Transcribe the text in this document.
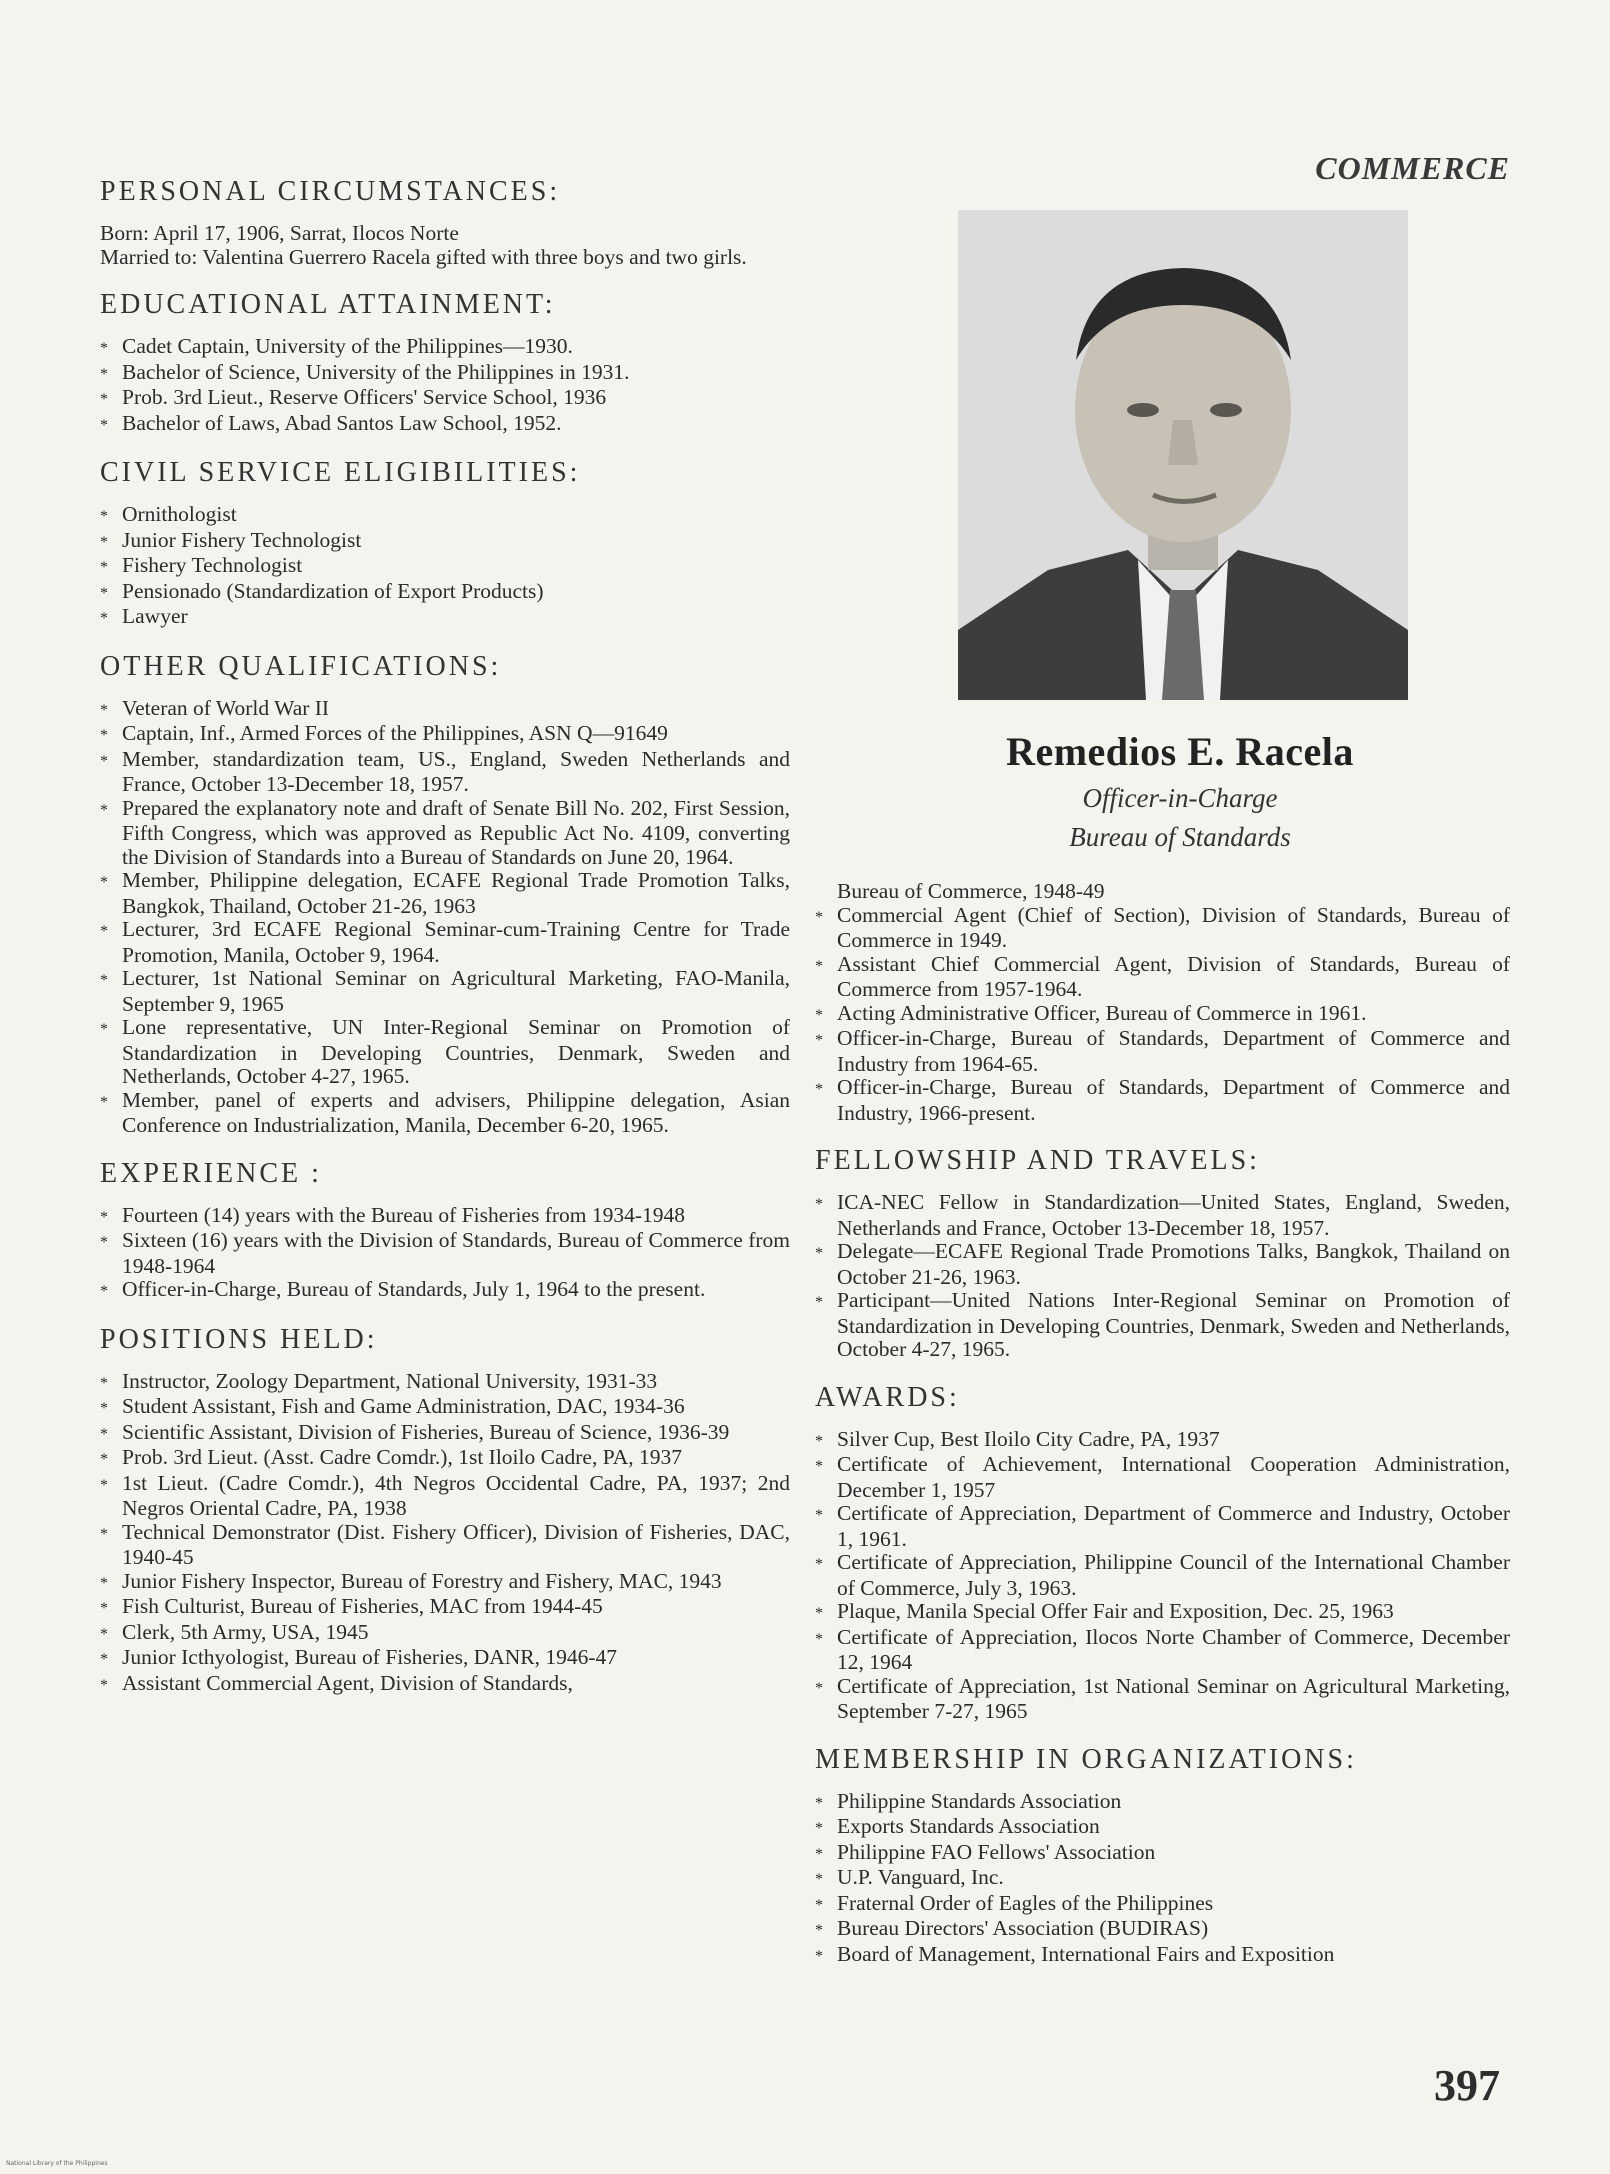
COMMERCE
PERSONAL CIRCUMSTANCES:

Born: April 17, 1906, Sarrat, Ilocos Norte

Married to: Valentina Guerrero Racela gifted with three boys and two girls.

EDUCATIONAL ATTAINMENT:
* Cadet Captain, University of the Philippines—1930.
* Bachelor of Science, University of the Philippines in 1931.
* Prob. 3rd Lieut., Reserve Officers' Service School, 1936
* Bachelor of Laws, Abad Santos Law School, 1952.
CIVIL SERVICE ELIGIBILITIES:
* Ornithologist
* Junior Fishery Technologist
* Fishery Technologist
* Pensionado (Standardization of Export Products)
* Lawyer
OTHER QUALIFICATIONS:
* Veteran of World War II
* Captain, Inf., Armed Forces of the Philippines, ASN Q—91649
* Member, standardization team, US., England, Sweden Netherlands and France, October 13-December 18, 1957.
* Prepared the explanatory note and draft of Senate Bill No. 202, First Session, Fifth Congress, which was approved as Republic Act No. 4109, converting the Division of Standards into a Bureau of Standards on June 20, 1964.
* Member, Philippine delegation, ECAFE Regional Trade Promotion Talks, Bangkok, Thailand, October 21-26, 1963
* Lecturer, 3rd ECAFE Regional Seminar-cum-Training Centre for Trade Promotion, Manila, October 9, 1964.
* Lecturer, 1st National Seminar on Agricultural Marketing, FAO-Manila, September 9, 1965
* Lone representative, UN Inter-Regional Seminar on Promotion of Standardization in Developing Countries, Denmark, Sweden and Netherlands, October 4-27, 1965.
* Member, panel of experts and advisers, Philippine delegation, Asian Conference on Industrialization, Manila, December 6-20, 1965.
EXPERIENCE :
* Fourteen (14) years with the Bureau of Fisheries from 1934-1948
* Sixteen (16) years with the Division of Standards, Bureau of Commerce from 1948-1964
* Officer-in-Charge, Bureau of Standards, July 1, 1964 to the present.
POSITIONS HELD:
* Instructor, Zoology Department, National University, 1931-33
* Student Assistant, Fish and Game Administration, DAC, 1934-36
* Scientific Assistant, Division of Fisheries, Bureau of Science, 1936-39
* Prob. 3rd Lieut. (Asst. Cadre Comdr.), 1st Iloilo Cadre, PA, 1937
* 1st Lieut. (Cadre Comdr.), 4th Negros Occidental Cadre, PA, 1937; 2nd Negros Oriental Cadre, PA, 1938
* Technical Demonstrator (Dist. Fishery Officer), Division of Fisheries, DAC, 1940-45
* Junior Fishery Inspector, Bureau of Forestry and Fishery, MAC, 1943
* Fish Culturist, Bureau of Fisheries, MAC from 1944-45
* Clerk, 5th Army, USA, 1945
* Junior Icthyologist, Bureau of Fisheries, DANR, 1946-47
* Assistant Commercial Agent, Division of Standards,
Remedios E. Racela
Officer-in-Charge
Bureau of Standards

Bureau of Commerce, 1948-49

* Commercial Agent (Chief of Section), Division of Standards, Bureau of Commerce in 1949.
* Assistant Chief Commercial Agent, Division of Standards, Bureau of Commerce from 1957-1964.
* Acting Administrative Officer, Bureau of Commerce in 1961.
* Officer-in-Charge, Bureau of Standards, Department of Commerce and Industry from 1964-65.
* Officer-in-Charge, Bureau of Standards, Department of Commerce and Industry, 1966-present.
FELLOWSHIP AND TRAVELS:
* ICA-NEC Fellow in Standardization—United States, England, Sweden, Netherlands and France, October 13-December 18, 1957.
* Delegate—ECAFE Regional Trade Promotions Talks, Bangkok, Thailand on October 21-26, 1963.
* Participant—United Nations Inter-Regional Seminar on Promotion of Standardization in Developing Countries, Denmark, Sweden and Netherlands, October 4-27, 1965.
AWARDS:
* Silver Cup, Best Iloilo City Cadre, PA, 1937
* Certificate of Achievement, International Cooperation Administration, December 1, 1957
* Certificate of Appreciation, Department of Commerce and Industry, October 1, 1961.
* Certificate of Appreciation, Philippine Council of the International Chamber of Commerce, July 3, 1963.
* Plaque, Manila Special Offer Fair and Exposition, Dec. 25, 1963
* Certificate of Appreciation, Ilocos Norte Chamber of Commerce, December 12, 1964
* Certificate of Appreciation, 1st National Seminar on Agricultural Marketing, September 7-27, 1965
MEMBERSHIP IN ORGANIZATIONS:
* Philippine Standards Association
* Exports Standards Association
* Philippine FAO Fellows' Association
* U.P. Vanguard, Inc.
* Fraternal Order of Eagles of the Philippines
* Bureau Directors' Association (BUDIRAS)
* Board of Management, International Fairs and Exposition
397
National Library of the Philippines
